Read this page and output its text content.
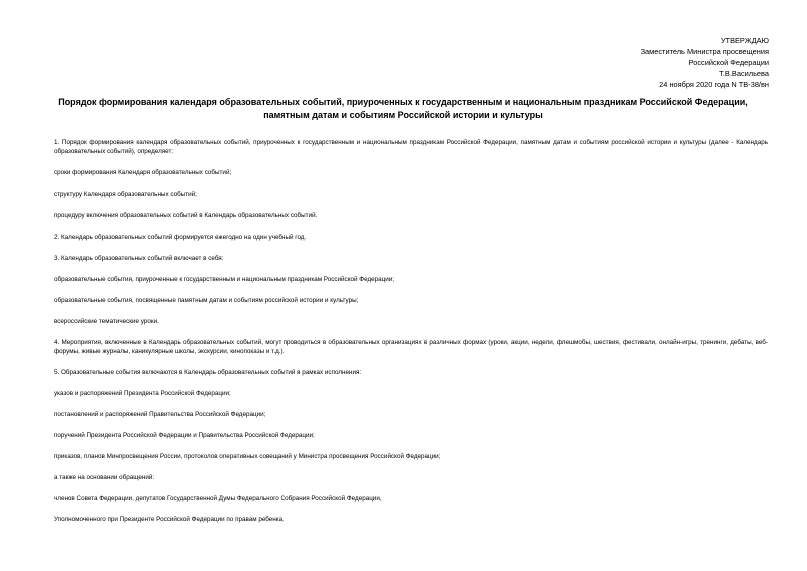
УТВЕРЖДАЮ
Заместитель Министра просвещения
Российской Федерации
Т.В.Васильева
24 ноября 2020 года N ТВ-38/вн
Порядок формирования календаря образовательных событий, приуроченных к государственным и национальным праздникам Российской Федерации, памятным датам и событиям Российской истории и культуры
1. Порядок формирования календаря образовательных событий, приуроченных к государственным и национальным праздникам Российской Федерации, памятным датам и событиям российской истории и культуры (далее - Календарь образовательных событий), определяет:
сроки формирования Календаря образовательных событий;
структуру Календаря образовательных событий;
процедуру включения образовательных событий в Календарь образовательных событий.
2. Календарь образовательных событий формируется ежегодно на один учебный год.
3. Календарь образовательных событий включает в себя:
образовательные события, приуроченные к государственным и национальным праздникам Российской Федерации;
образовательные события, посвященные памятным датам и событиям российской истории и культуры;
всероссийские тематические уроки.
4. Мероприятия, включенные в Календарь образовательных событий, могут проводиться в образовательных организациях в различных формах (уроки, акции, недели, флешмобы, шествия, фестивали, онлайн-игры, тренинги, дебаты, веб-форумы, живые журналы, каникулярные школы, экскурсии, кинопоказы и т.д.).
5. Образовательные события включаются в Календарь образовательных событий в рамках исполнения:
указов и распоряжений Президента Российской Федерации;
постановлений и распоряжений Правительства Российской Федерации;
поручений Президента Российской Федерации и Правительства Российской Федерации;
приказов, планов Минпросвещения России, протоколов оперативных совещаний у Министра просвещения Российской Федерации;
а также на основании обращений:
членов Совета Федерации, депутатов Государственной Думы Федерального Собрания Российской Федерации,
Уполномоченного при Президенте Российской Федерации по правам ребенка,
